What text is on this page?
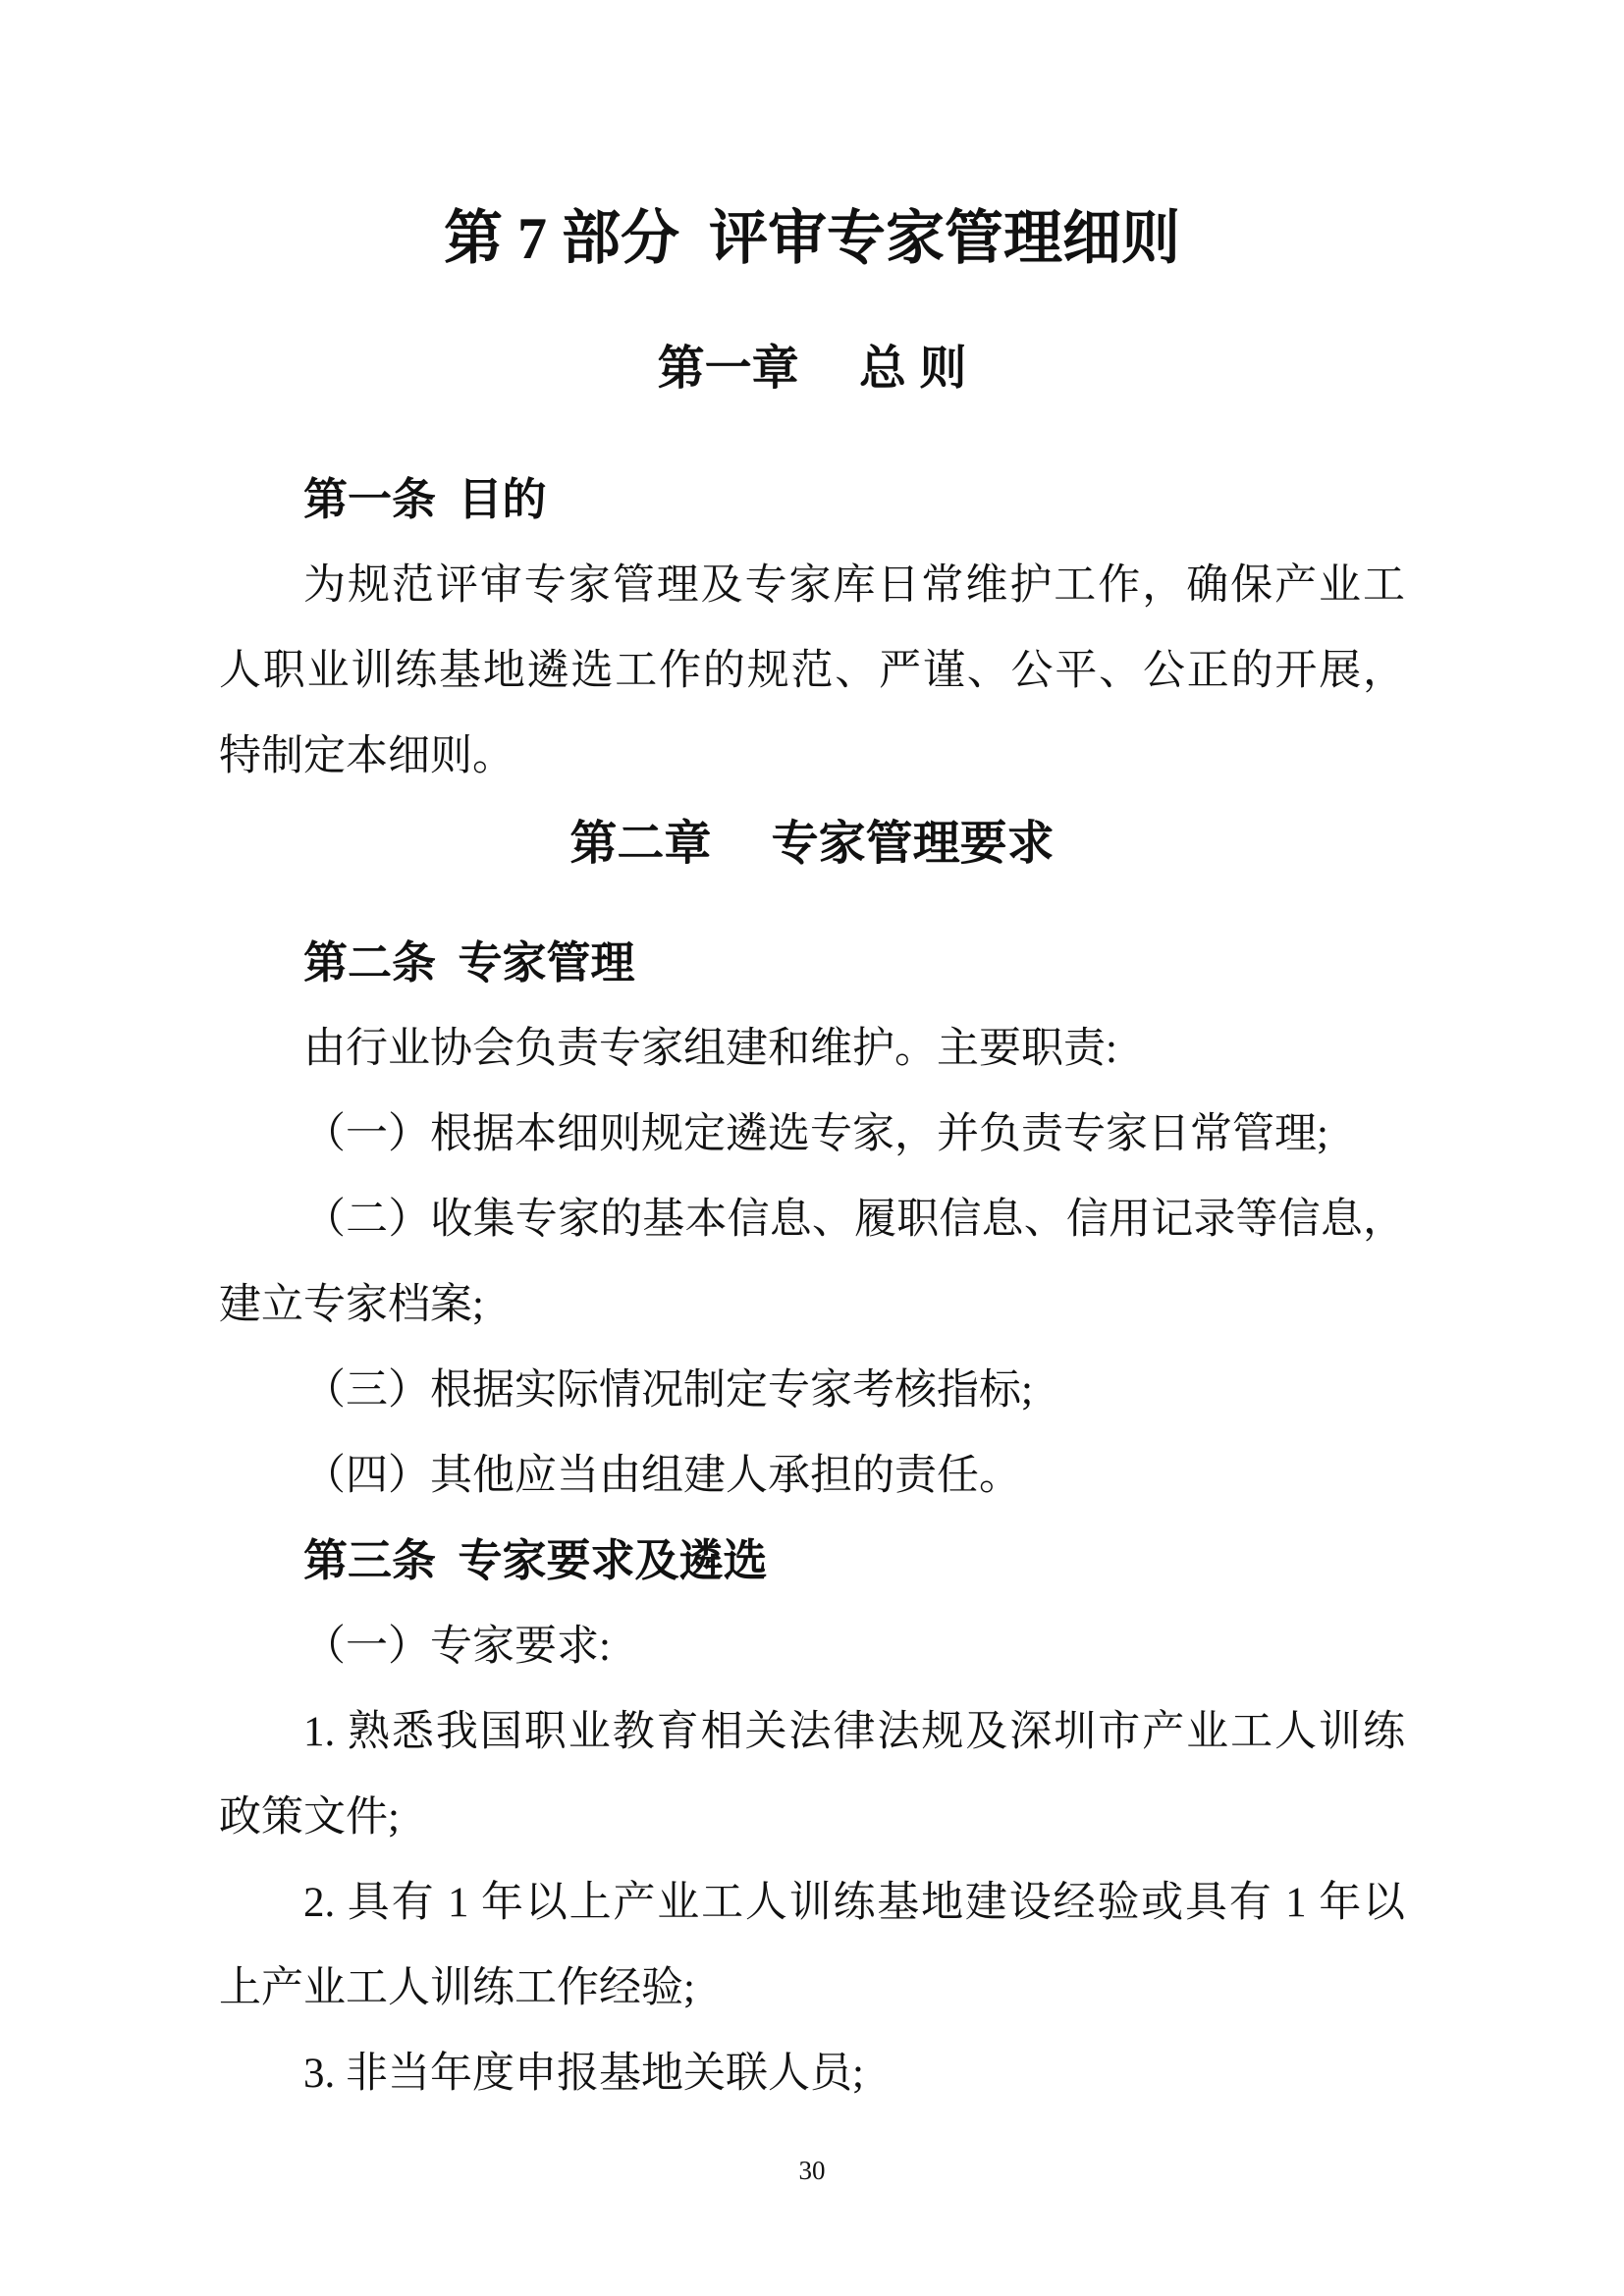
第 7 部分  评审专家管理细则
第一章　 总 则
第一条  目的
为规范评审专家管理及专家库日常维护工作，确保产业工
人职业训练基地遴选工作的规范、严谨、公平、公正的开展，
特制定本细则。
第二章　 专家管理要求
第二条  专家管理
由行业协会负责专家组建和维护。主要职责:
（一）根据本细则规定遴选专家，并负责专家日常管理;
（二）收集专家的基本信息、履职信息、信用记录等信息，
建立专家档案;
（三）根据实际情况制定专家考核指标;
（四）其他应当由组建人承担的责任。
第三条  专家要求及遴选
（一）专家要求:
1. 熟悉我国职业教育相关法律法规及深圳市产业工人训练
政策文件;
2. 具有 1 年以上产业工人训练基地建设经验或具有 1 年以
上产业工人训练工作经验;
3. 非当年度申报基地关联人员;
30
